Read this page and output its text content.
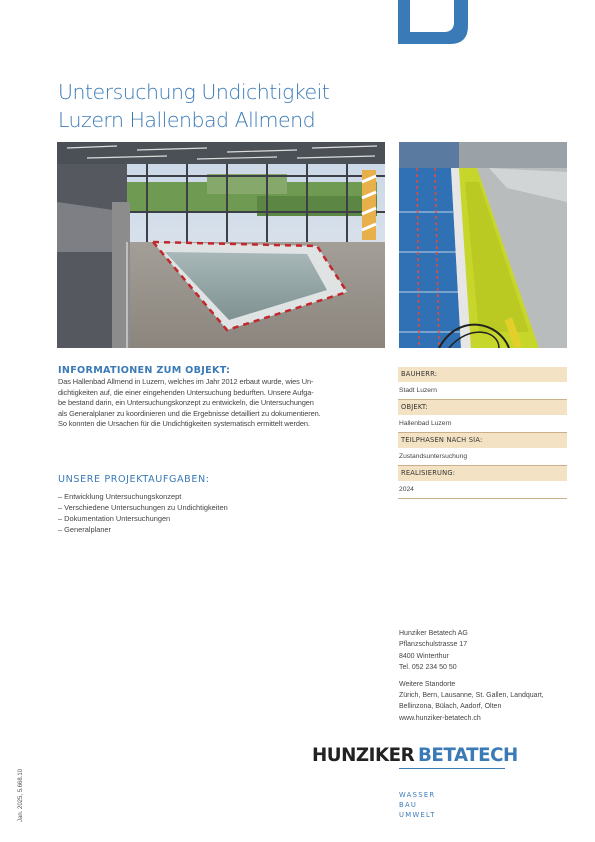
Untersuchung Undichtigkeit
Luzern Hallenbad Allmend
INFORMATIONEN ZUM OBJEKT:
Das Hallenbad Allmend in Luzern, welches im Jahr 2012 erbaut wurde, wies Un-
dichtigkeiten auf, die einer eingehenden Untersuchung bedurften. Unsere Aufga-
be bestand darin, ein Untersuchungskonzept zu entwickeln, die Untersuchungen
als Generalplaner zu koordinieren und die Ergebnisse detailliert zu dokumentieren.
So konnten die Ursachen für die Undichtigkeiten systematisch ermittelt werden.
UNSERE PROJEKTAUFGABEN:
– Entwicklung Untersuchungskonzept
– Verschiedene Untersuchungen zu Undichtigkeiten
– Dokumentation Untersuchungen
– Generalplaner
BAUHERR:
Stadt Luzern
OBJEKT:
Hallenbad Luzern
TEILPHASEN NACH SIA:
Zustandsuntersuchung
REALISIERUNG:
2024
Hunziker Betatech AG
Pflanzschulstrasse 17
8400 Winterthur
Tel. 052 234 50 50
Weitere Standorte
Zürich, Bern, Lausanne, St. Gallen, Landquart,
Bellinzona, Bülach, Aadorf, Olten
www.hunziker-betatech.ch
HUNZIKER BETATECH
WASSER
BAU
UMWELT
Jan. 2025, 5.668.10
